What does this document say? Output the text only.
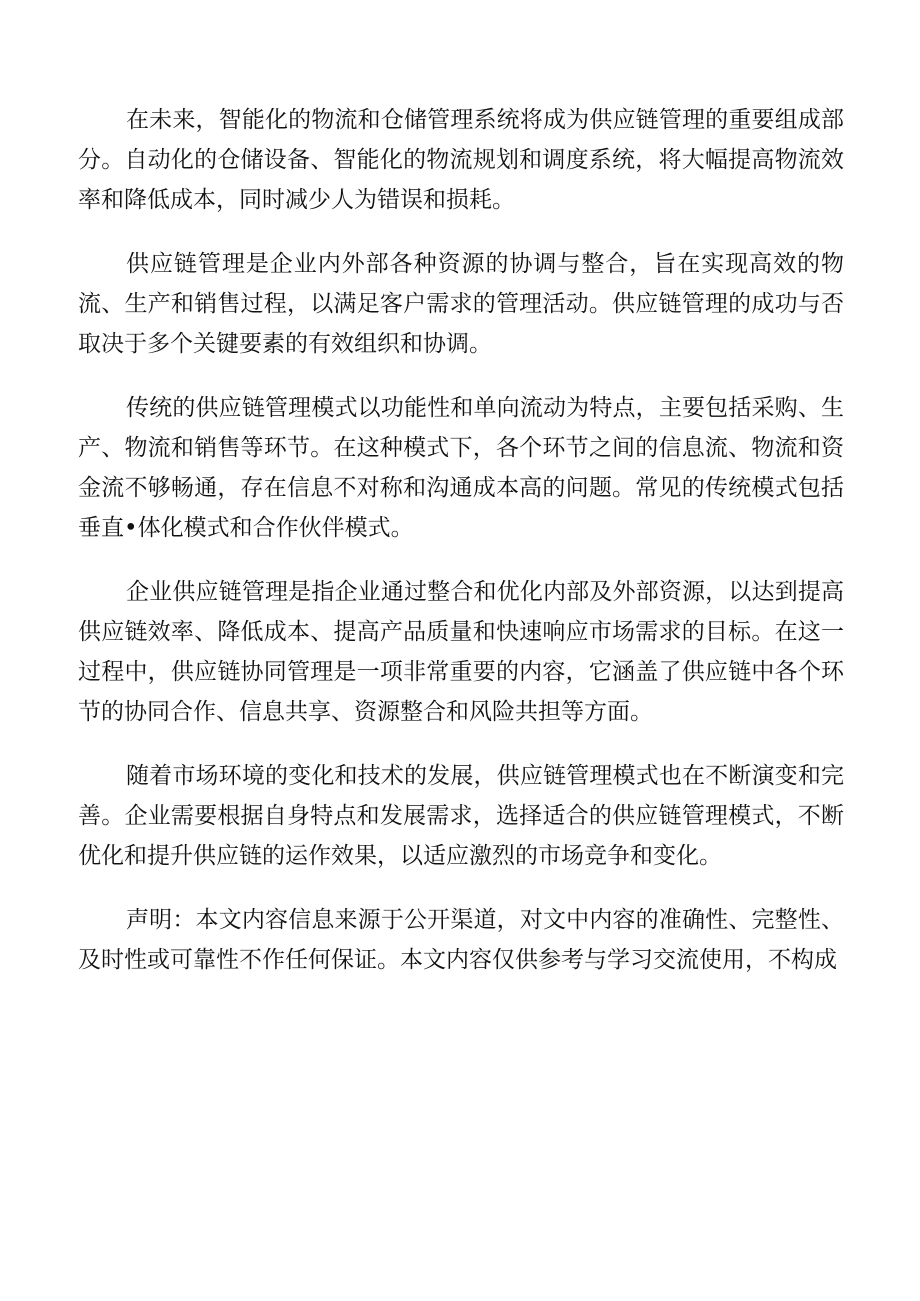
在未来，智能化的物流和仓储管理系统将成为供应链管理的重要组成部分。自动化的仓储设备、智能化的物流规划和调度系统，将大幅提高物流效率和降低成本，同时减少人为错误和损耗。

供应链管理是企业内外部各种资源的协调与整合，旨在实现高效的物流、生产和销售过程，以满足客户需求的管理活动。供应链管理的成功与否取决于多个关键要素的有效组织和协调。

传统的供应链管理模式以功能性和单向流动为特点，主要包括采购、生产、物流和销售等环节。在这种模式下，各个环节之间的信息流、物流和资金流不够畅通，存在信息不对称和沟通成本高的问题。常见的传统模式包括垂直•体化模式和合作伙伴模式。

企业供应链管理是指企业通过整合和优化内部及外部资源，以达到提高供应链效率、降低成本、提高产品质量和快速响应市场需求的目标。在这一过程中，供应链协同管理是一项非常重要的内容，它涵盖了供应链中各个环节的协同合作、信息共享、资源整合和风险共担等方面。

随着市场环境的变化和技术的发展，供应链管理模式也在不断演变和完善。企业需要根据自身特点和发展需求，选择适合的供应链管理模式，不断优化和提升供应链的运作效果，以适应激烈的市场竞争和变化。

声明：本文内容信息来源于公开渠道，对文中内容的准确性、完整性、及时性或可靠性不作任何保证。本文内容仅供参考与学习交流使用，不构成
